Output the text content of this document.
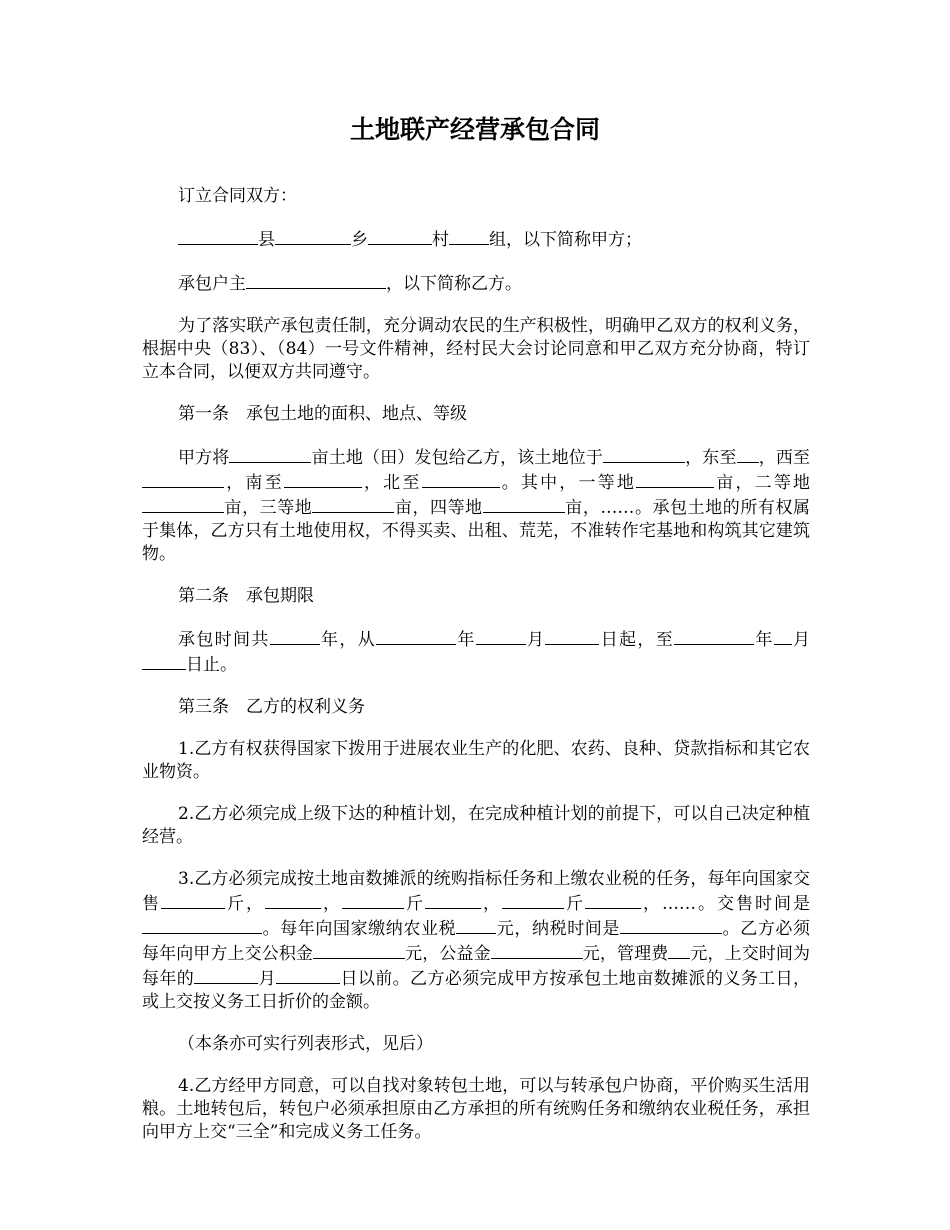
土地联产经营承包合同

订立合同双方：

县	乡	村 组，以下简称甲方；

承包户主	，以下简称乙方。

为了落实联产承包责任制，充分调动农民的生产积极性，明确甲乙双方的权利义务，根据中央（83）、（84）一号文件精神，经村民大会讨论同意和甲乙双方充分协商，特订立本合同，以便双方共同遵守。

第一条　承包土地的面积、地点、等级

甲方将	亩土地（田）发包给乙方，该土地位于	，东至 ，西至，南至	，北至	。其中，一等地	亩，二等地亩，三等地	亩，四等地	亩，……。承包土地的所有权属于集体，乙方只有土地使用权，不得买卖、出租、荒芜，不准转作宅基地和构筑其它建筑物。

第二条　承包期限

承包时间共	年，从	年	月	日起，至	年 月日止。

第三条　乙方的权利义务

1.乙方有权获得国家下拨用于进展农业生产的化肥、农药、良种、贷款指标和其它农业物资。

2.乙方必须完成上级下达的种植计划，在完成种植计划的前提下，可以自己决定种植经营。

3.乙方必须完成按土地亩数摊派的统购指标任务和上缴农业税的任务，每年向国家交售	斤，	，	斤	，	斤	，……。交售时间是。每年向国家缴纳农业税 元，纳税时间是	。乙方必须每年向甲方上交公积金	元，公益金	元，管理费 元，上交时间为每年的	月	日以前。乙方必须完成甲方按承包土地亩数摊派的义务工日，或上交按义务工日折价的金额。

（本条亦可实行列表形式，见后）

4.乙方经甲方同意，可以自找对象转包土地，可以与转承包户协商，平价购买生活用粮。土地转包后，转包户必须承担原由乙方承担的所有统购任务和缴纳农业税任务，承担向甲方上交“三全”和完成义务工任务。
